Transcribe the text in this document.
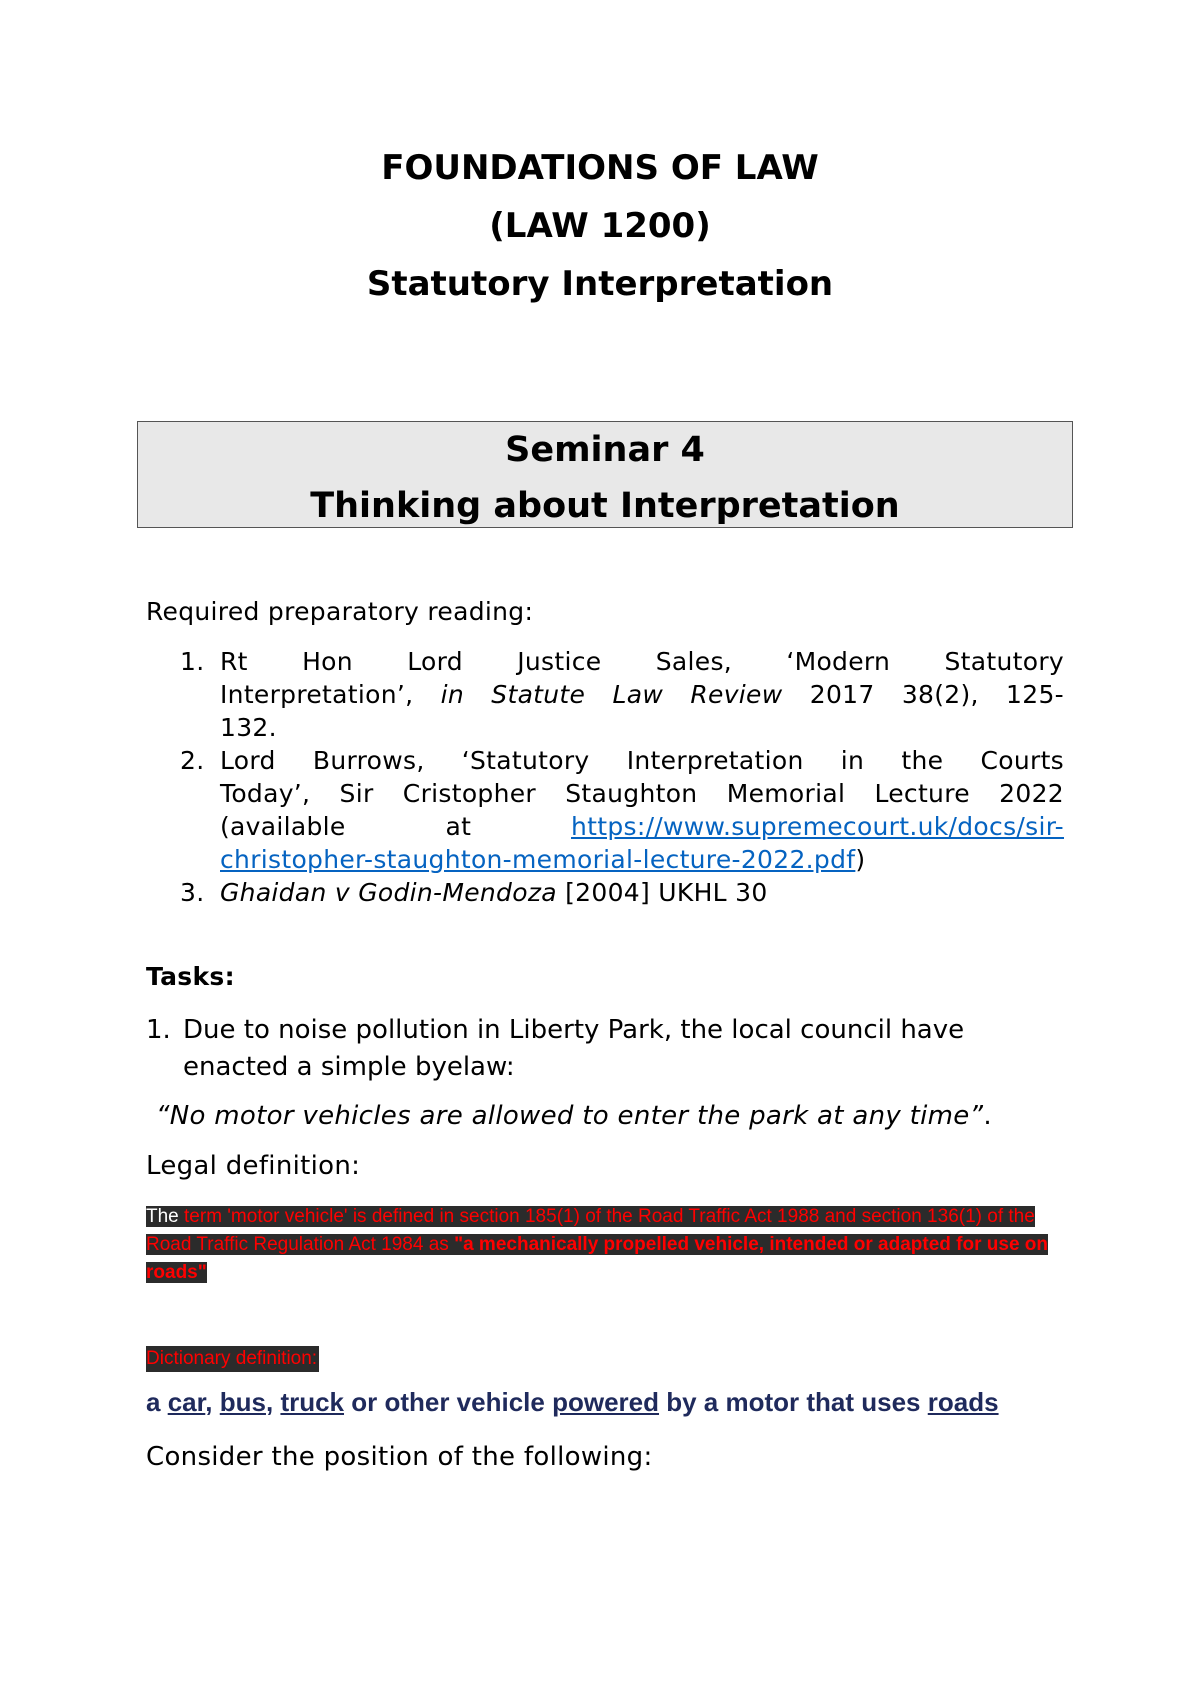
FOUNDATIONS OF LAW
(LAW 1200)
Statutory Interpretation
Seminar 4
Thinking about Interpretation
Required preparatory reading:
1. Rt Hon Lord Justice Sales, ‘Modern Statutory
Interpretation’, in Statute Law Review 2017 38(2), 125-
132.
2. Lord Burrows, ‘Statutory Interpretation in the Courts
Today’, Sir Cristopher Staughton Memorial Lecture 2022
(available at https://www.supremecourt.uk/docs/sir-
christopher-staughton-memorial-lecture-2022.pdf)
3. Ghaidan v Godin-Mendoza [2004] UKHL 30
Tasks:
1. Due to noise pollution in Liberty Park, the local council have
enacted a simple byelaw:
“No motor vehicles are allowed to enter the park at any time”.
Legal definition:
The term 'motor vehicle' is defined in section 185(1) of the Road Traffic Act 1988 and section 136(1) of the Road Traffic Regulation Act 1984 as "a mechanically propelled vehicle, intended or adapted for use on roads"
Dictionary definition:
a car, bus, truck or other vehicle powered by a motor that uses roads
Consider the position of the following:
